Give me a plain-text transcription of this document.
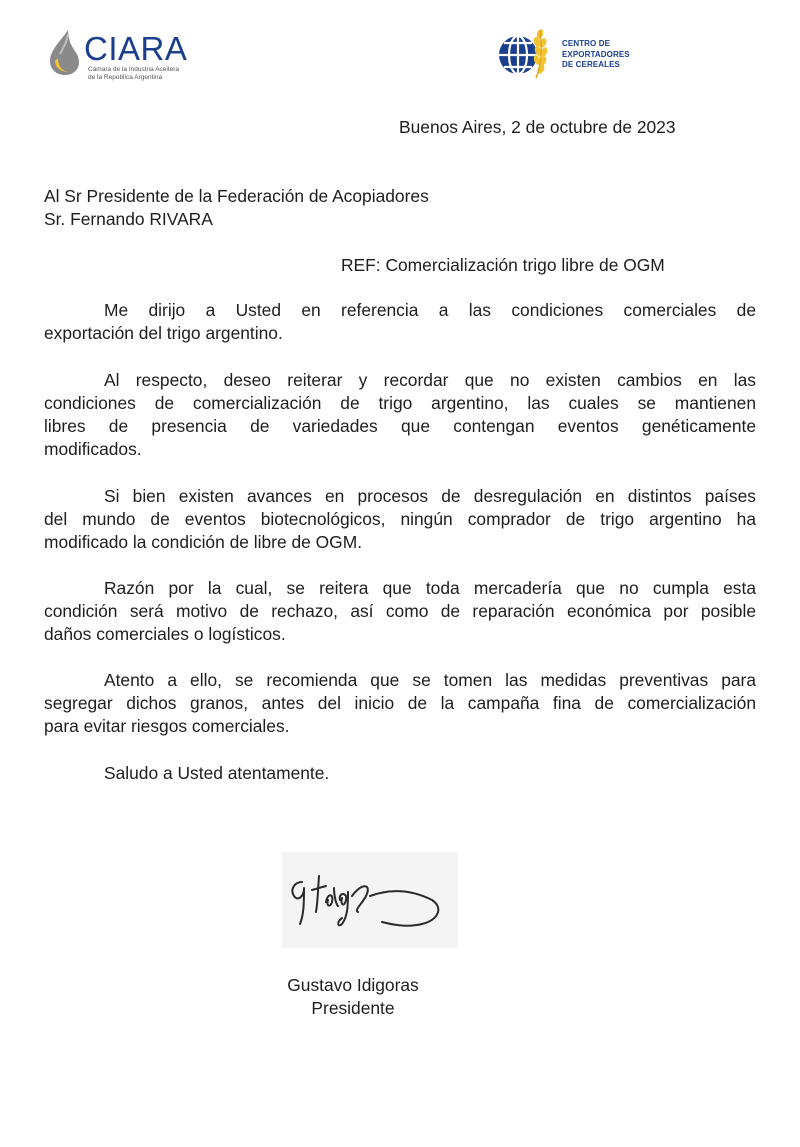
CIARA
Cámara de la Industria Aceitera
de la República Argentina
CENTRO DE
EXPORTADORES
DE CEREALES
Buenos Aires, 2 de octubre de 2023
Al Sr Presidente de la Federación de Acopiadores
Sr. Fernando RIVARA
REF: Comercialización trigo libre de OGM
Me dirijo a Usted en referencia a las condiciones comerciales de
exportación del trigo argentino.
Al respecto, deseo reiterar y recordar que no existen cambios en las
condiciones de comercialización de trigo argentino, las cuales se mantienen
libres de presencia de variedades que contengan eventos genéticamente
modificados.
Si bien existen avances en procesos de desregulación en distintos países
del mundo de eventos biotecnológicos, ningún comprador de trigo argentino ha
modificado la condición de libre de OGM.
Razón por la cual, se reitera que toda mercadería que no cumpla esta
condición será motivo de rechazo, así como de reparación económica por posible
daños comerciales o logísticos.
Atento a ello, se recomienda que se tomen las medidas preventivas para
segregar dichos granos, antes del inicio de la campaña fina de comercialización
para evitar riesgos comerciales.
Saludo a Usted atentamente.
Gustavo Idigoras
Presidente
